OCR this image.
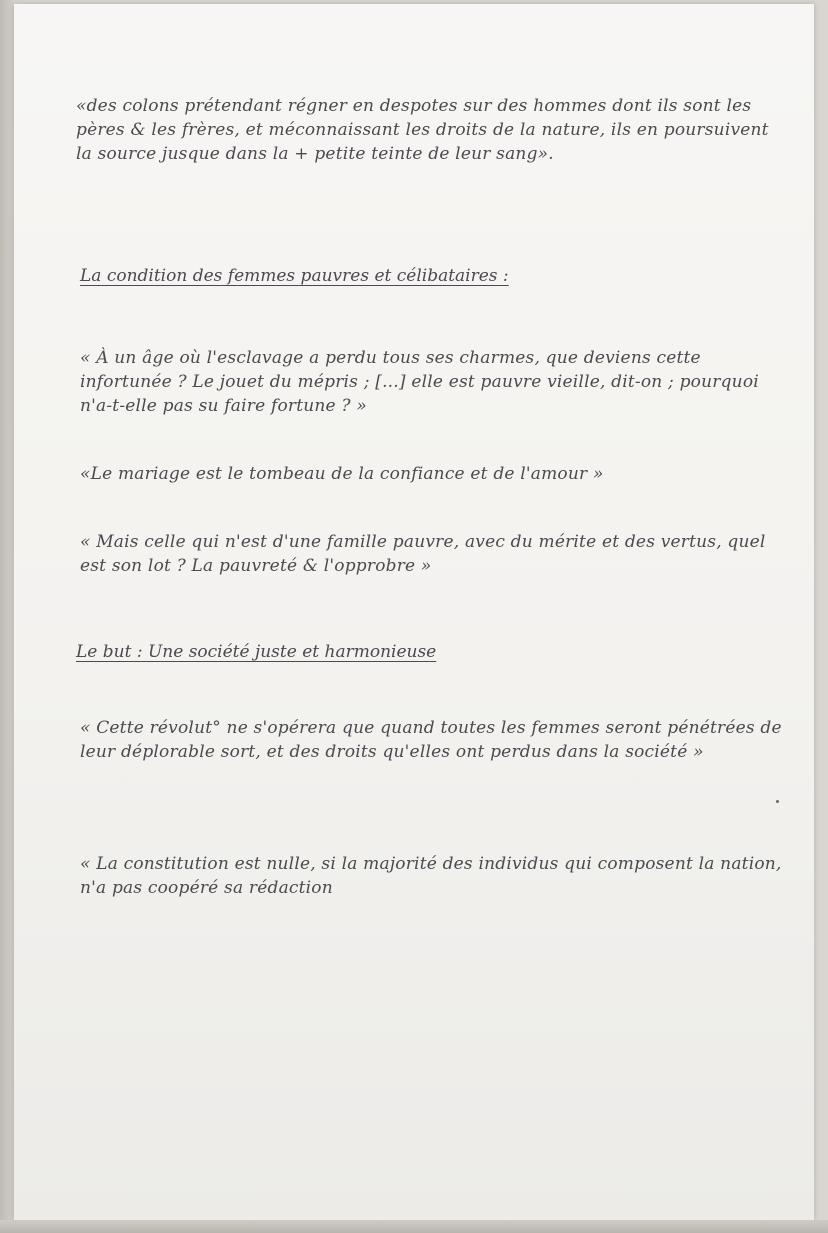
«des colons prétendant régner en despotes sur des hommes dont ils sont les pères & les frères, et méconnaissant les droits de la nature, ils en poursuivent la source jusque dans la + petite teinte de leur sang».

La condition des femmes pauvres et célibataires :

« À un âge où l'esclavage a perdu tous ses charmes, que deviens cette infortunée ? Le jouet du mépris ; [...] elle est pauvre vieille, dit-on ; pourquoi n'a-t-elle pas su faire fortune ? »

«Le mariage est le tombeau de la confiance et de l'amour »

« Mais celle qui n'est d'une famille pauvre, avec du mérite et des vertus, quel est son lot ? La pauvreté & l'opprobre »

Le but : Une société juste et harmonieuse

« Cette révolut° ne s'opérera que quand toutes les femmes seront pénétrées de leur déplorable sort, et des droits qu'elles ont perdus dans la société »

« La constitution est nulle, si la majorité des individus qui composent la nation, n'a pas coopéré sa rédaction
